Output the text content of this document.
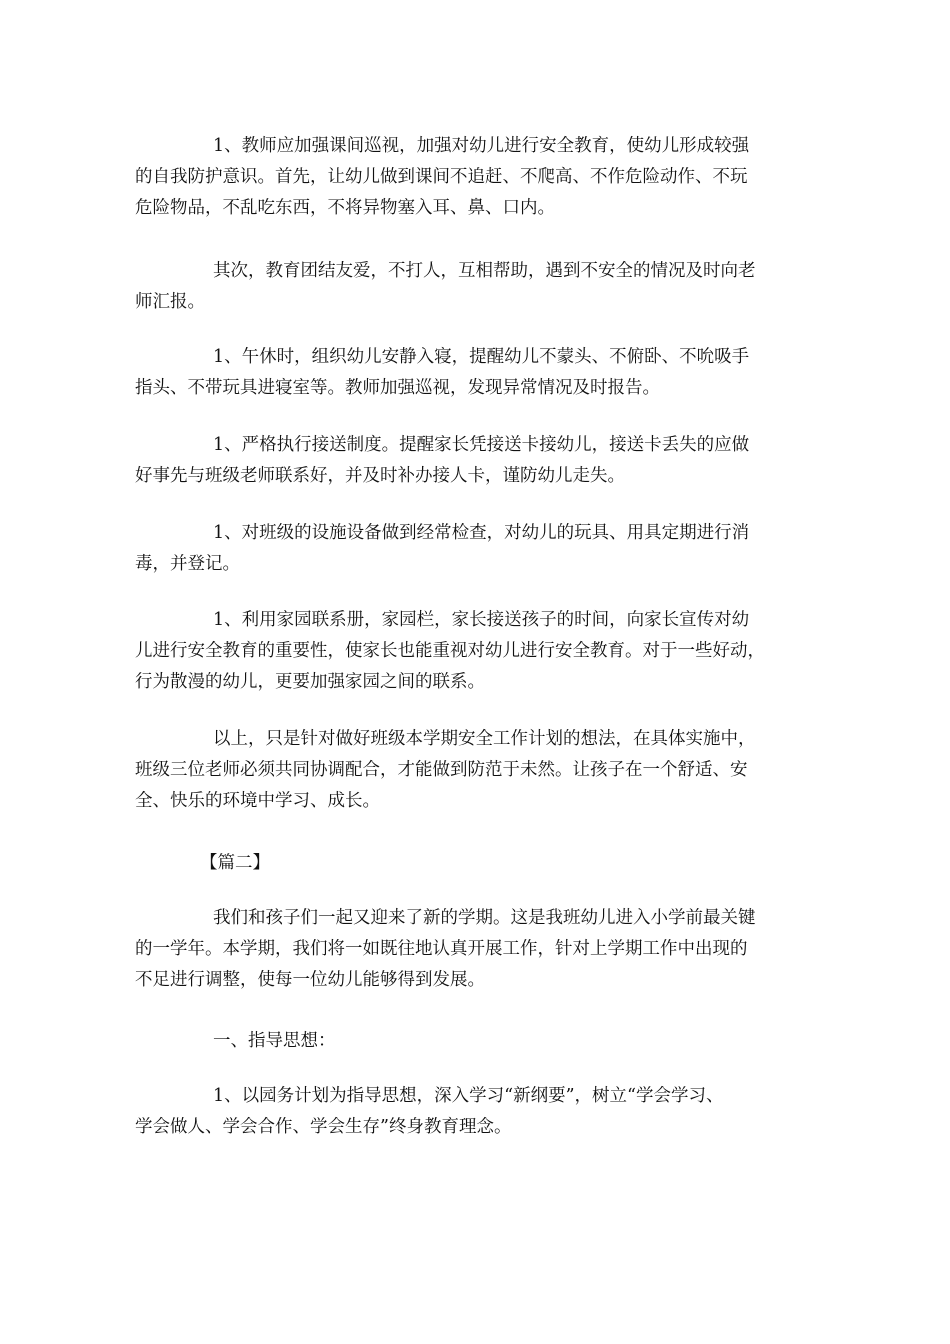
1、教师应加强课间巡视，加强对幼儿进行安全教育，使幼儿形成较强
的自我防护意识。首先，让幼儿做到课间不追赶、不爬高、不作危险动作、不玩
危险物品，不乱吃东西，不将异物塞入耳、鼻、口内。

其次，教育团结友爱，不打人，互相帮助，遇到不安全的情况及时向老
师汇报。

1、午休时，组织幼儿安静入寝，提醒幼儿不蒙头、不俯卧、不吮吸手
指头、不带玩具进寝室等。教师加强巡视，发现异常情况及时报告。

1、严格执行接送制度。提醒家长凭接送卡接幼儿，接送卡丢失的应做
好事先与班级老师联系好，并及时补办接人卡，谨防幼儿走失。

1、对班级的设施设备做到经常检查，对幼儿的玩具、用具定期进行消
毒，并登记。

1、利用家园联系册，家园栏，家长接送孩子的时间，向家长宣传对幼
儿进行安全教育的重要性，使家长也能重视对幼儿进行安全教育。对于一些好动，
行为散漫的幼儿，更要加强家园之间的联系。

以上，只是针对做好班级本学期安全工作计划的想法，在具体实施中，
班级三位老师必须共同协调配合，才能做到防范于未然。让孩子在一个舒适、安
全、快乐的环境中学习、成长。

【篇二】

我们和孩子们一起又迎来了新的学期。这是我班幼儿进入小学前最关键
的一学年。本学期，我们将一如既往地认真开展工作，针对上学期工作中出现的
不足进行调整，使每一位幼儿能够得到发展。

一、指导思想：

1、以园务计划为指导思想，深入学习“新纲要”，树立“学会学习、
学会做人、学会合作、学会生存”终身教育理念。
